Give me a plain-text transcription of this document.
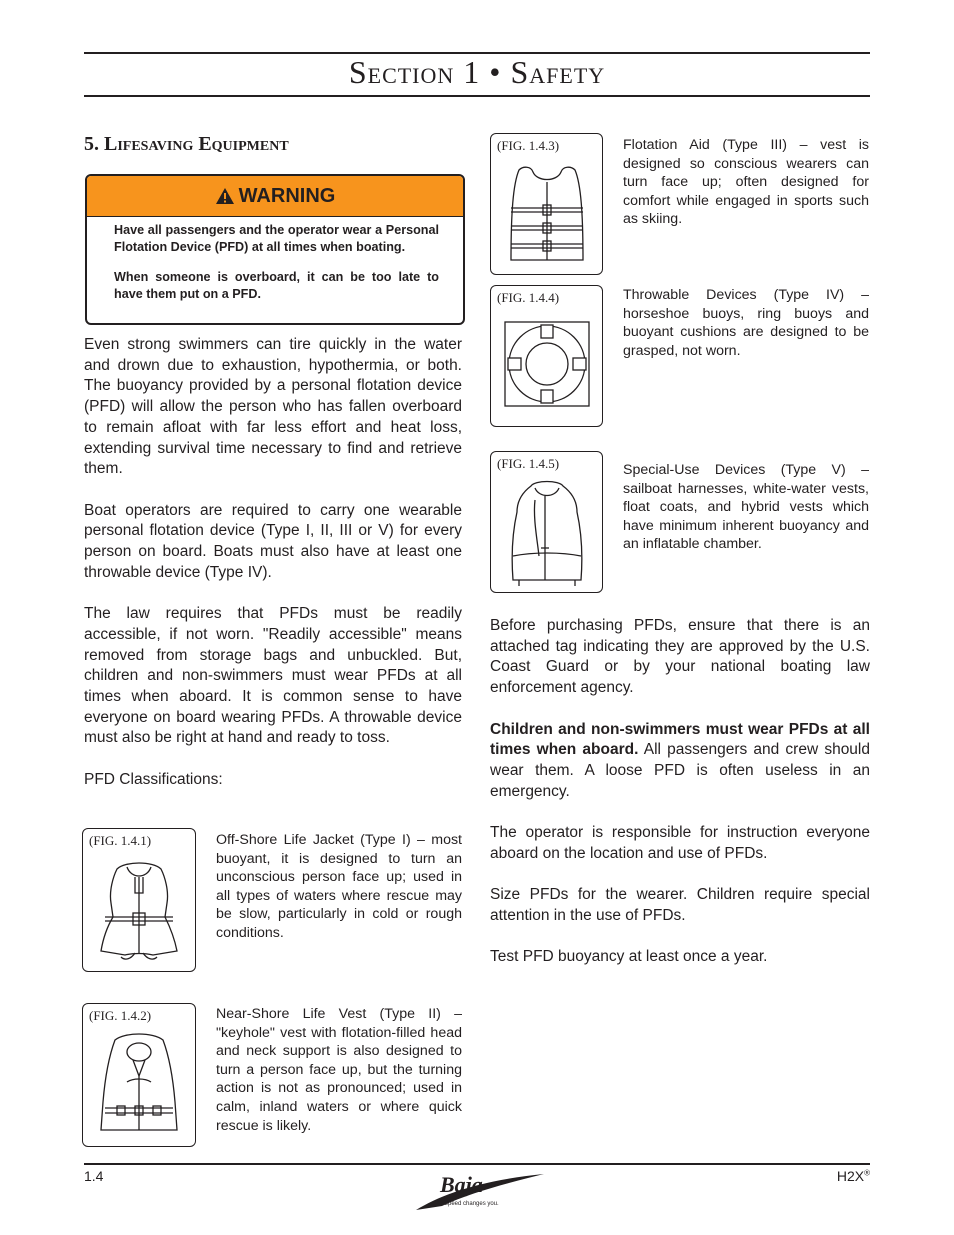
Section 1 • Safety
5. Lifesaving Equipment
WARNING

Have all passengers and the operator wear a Personal Flotation Device (PFD) at all times when boating.

When someone is overboard, it can be too late to have them put on a PFD.

Even strong swimmers can tire quickly in the water and drown due to exhaustion, hypothermia, or both. The buoyancy provided by a personal flotation device (PFD) will allow the person who has fallen overboard to remain afloat with far less effort and heat loss, extending survival time necessary to find and retrieve them.

Boat operators are required to carry one wearable personal flotation device (Type I, II, III or V) for every person on board. Boats must also have at least one throwable device (Type IV).

The law requires that PFDs must be readily accessible, if not worn. "Readily accessible" means removed from storage bags and unbuckled. But, children and non-swimmers must wear PFDs at all times when aboard. It is common sense to have everyone on board wearing PFDs. A throwable device must also be right at hand and ready to toss.

PFD Classifications:

(FIG. 1.4.1)	Off-Shore Life Jacket (Type I) – most buoyant, it is designed to turn an unconscious person face up; used in all types of waters where rescue may be slow, particularly in cold or rough conditions.
(FIG. 1.4.2)	Near-Shore Life Vest (Type II) – "keyhole" vest with flotation-filled head and neck support is also designed to turn a person face up, but the turning action is not as pronounced; used in calm, inland waters or where quick rescue is likely.
(FIG. 1.4.3)	Flotation Aid (Type III) – vest is designed so conscious wearers can turn face up; often designed for comfort while engaged in sports such as skiing.
(FIG. 1.4.4)	Throwable Devices (Type IV) – horseshoe buoys, ring buoys and buoyant cushions are designed to be grasped, not worn.
(FIG. 1.4.5)	Special-Use Devices (Type V) – sailboat harnesses, white-water vests, float coats, and hybrid vests which have minimum inherent buoyancy and an inflatable chamber.

Before purchasing PFDs, ensure that there is an attached tag indicating they are approved by the U.S. Coast Guard or by your national boating law enforcement agency.

Children and non-swimmers must wear PFDs at all times when aboard. All passengers and crew should wear them. A loose PFD is often useless in an emergency.

The operator is responsible for instruction everyone aboard on the location and use of PFDs.

Size PFDs for the wearer. Children require special attention in the use of PFDs.

Test PFD buoyancy at least once a year.

1.4	H2X®
Baja
Speed changes you.
